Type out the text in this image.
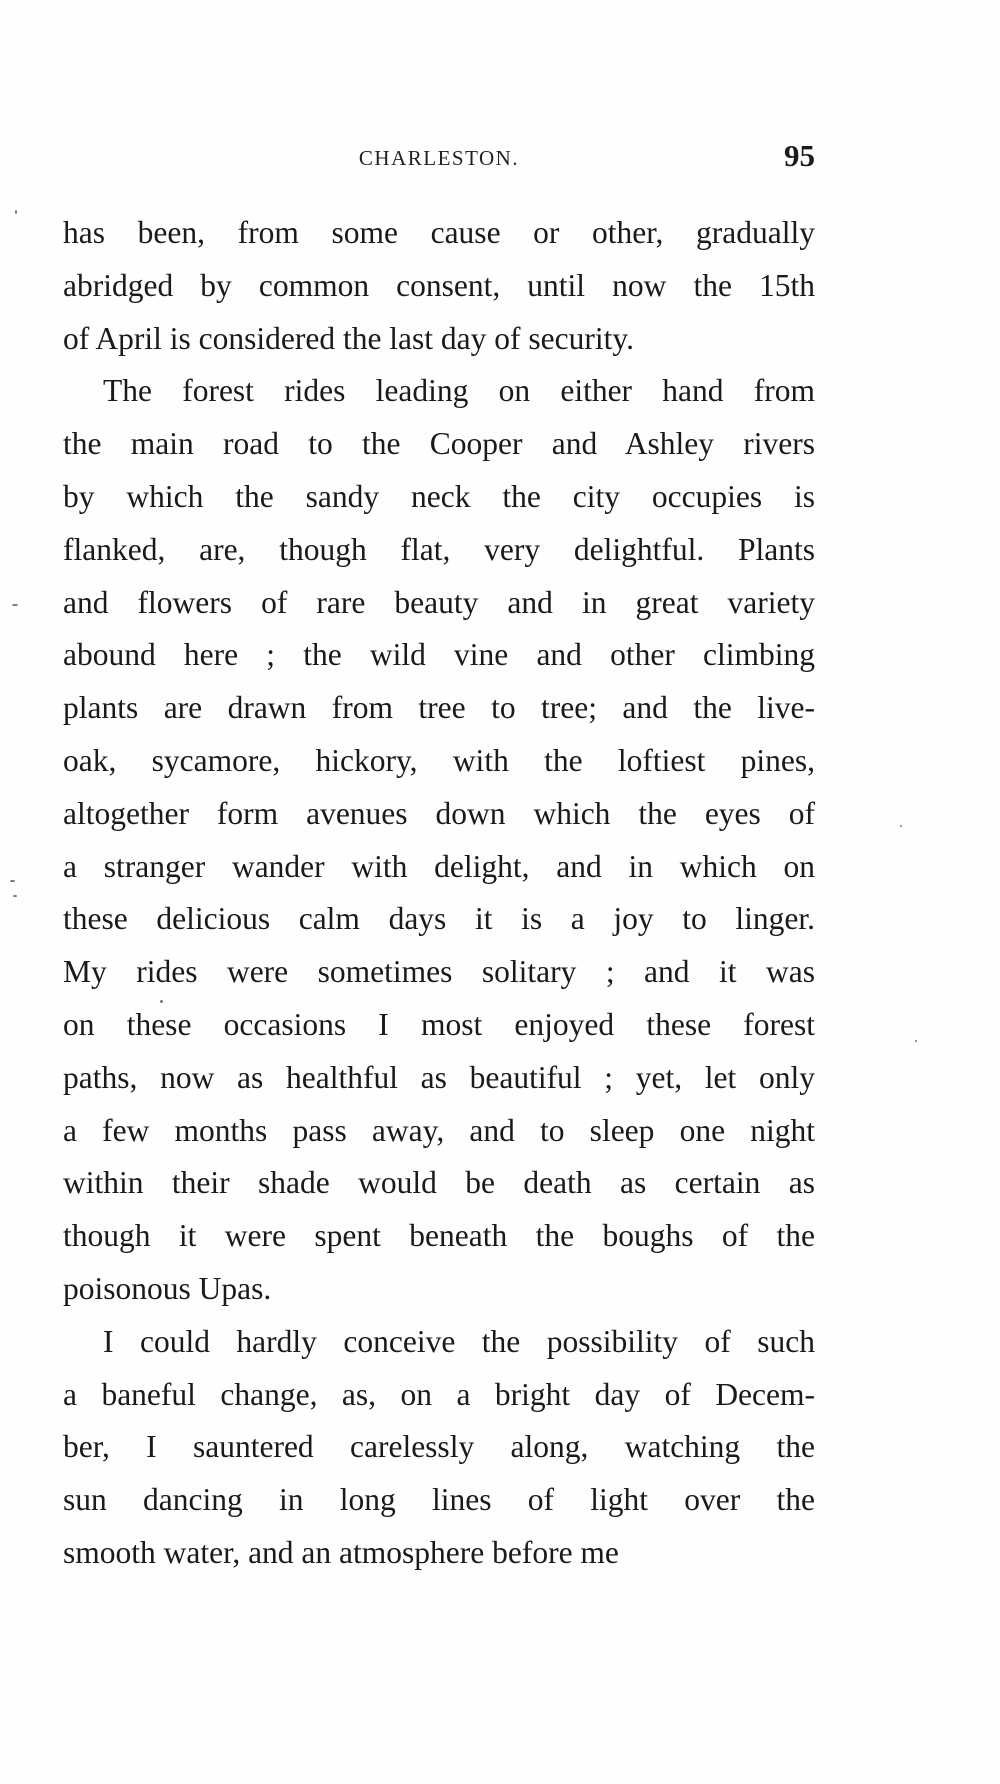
CHARLESTON.	95
has been, from some cause or other, gradually
abridged by common consent, until now the 15th
of April is considered the last day of security.
The forest rides leading on either hand from
the main road to the Cooper and Ashley rivers
by which the sandy neck the city occupies is
flanked, are, though flat, very delightful. Plants
and flowers of rare beauty and in great variety
abound here ; the wild vine and other climbing
plants are drawn from tree to tree; and the live-
oak, sycamore, hickory, with the loftiest pines,
altogether form avenues down which the eyes of
a stranger wander with delight, and in which on
these delicious calm days it is a joy to linger.
My rides were sometimes solitary ; and it was
on these occasions I most enjoyed these forest
paths, now as healthful as beautiful ; yet, let only
a few months pass away, and to sleep one night
within their shade would be death as certain as
though it were spent beneath the boughs of the
poisonous Upas.
I could hardly conceive the possibility of such
a baneful change, as, on a bright day of Decem-
ber, I sauntered carelessly along, watching the
sun dancing in long lines of light over the
smooth water, and an atmosphere before me
